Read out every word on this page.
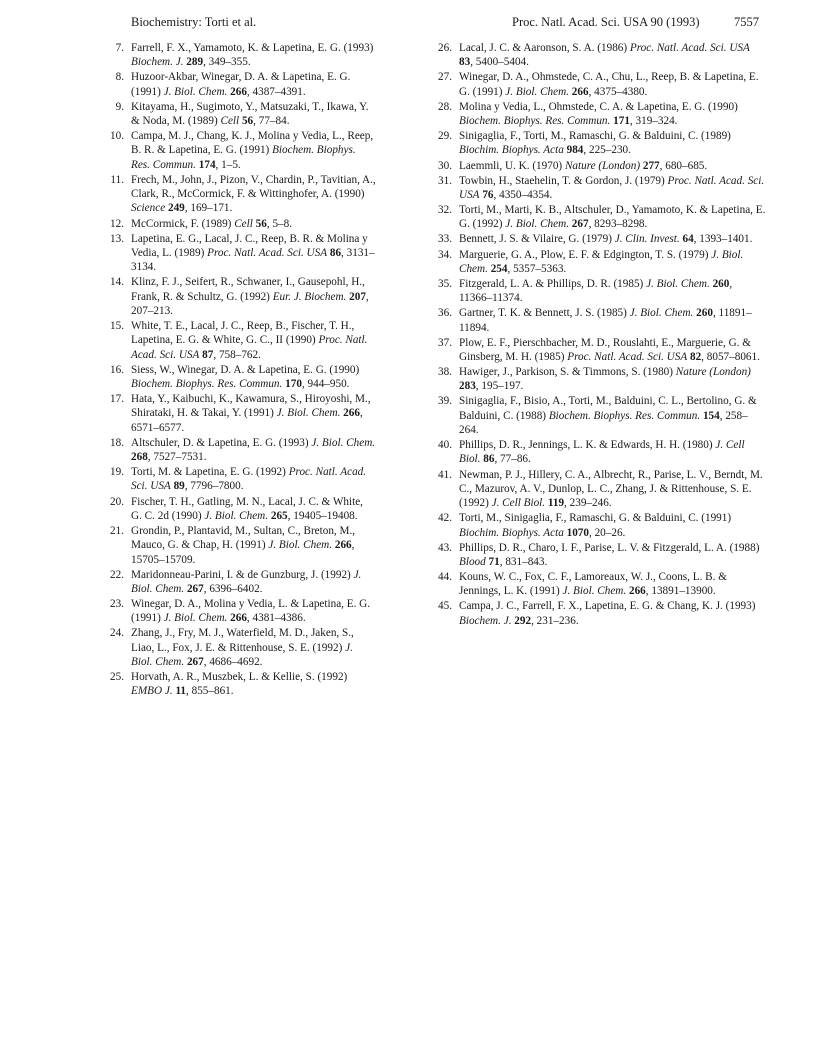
Biochemistry: Torti et al.	Proc. Natl. Acad. Sci. USA 90 (1993)	7557
7. Farrell, F. X., Yamamoto, K. & Lapetina, E. G. (1993) Biochem. J. 289, 349–355.
8. Huzoor-Akbar, Winegar, D. A. & Lapetina, E. G. (1991) J. Biol. Chem. 266, 4387–4391.
9. Kitayama, H., Sugimoto, Y., Matsuzaki, T., Ikawa, Y. & Noda, M. (1989) Cell 56, 77–84.
10. Campa, M. J., Chang, K. J., Molina y Vedia, L., Reep, B. R. & Lapetina, E. G. (1991) Biochem. Biophys. Res. Commun. 174, 1–5.
11. Frech, M., John, J., Pizon, V., Chardin, P., Tavitian, A., Clark, R., McCormick, F. & Wittinghofer, A. (1990) Science 249, 169–171.
12. McCormick, F. (1989) Cell 56, 5–8.
13. Lapetina, E. G., Lacal, J. C., Reep, B. R. & Molina y Vedia, L. (1989) Proc. Natl. Acad. Sci. USA 86, 3131–3134.
14. Klinz, F. J., Seifert, R., Schwaner, I., Gausepohl, H., Frank, R. & Schultz, G. (1992) Eur. J. Biochem. 207, 207–213.
15. White, T. E., Lacal, J. C., Reep, B., Fischer, T. H., Lapetina, E. G. & White, G. C., II (1990) Proc. Natl. Acad. Sci. USA 87, 758–762.
16. Siess, W., Winegar, D. A. & Lapetina, E. G. (1990) Biochem. Biophys. Res. Commun. 170, 944–950.
17. Hata, Y., Kaibuchi, K., Kawamura, S., Hiroyoshi, M., Shirataki, H. & Takai, Y. (1991) J. Biol. Chem. 266, 6571–6577.
18. Altschuler, D. & Lapetina, E. G. (1993) J. Biol. Chem. 268, 7527–7531.
19. Torti, M. & Lapetina, E. G. (1992) Proc. Natl. Acad. Sci. USA 89, 7796–7800.
20. Fischer, T. H., Gatling, M. N., Lacal, J. C. & White, G. C. 2d (1990) J. Biol. Chem. 265, 19405–19408.
21. Grondin, P., Plantavid, M., Sultan, C., Breton, M., Mauco, G. & Chap, H. (1991) J. Biol. Chem. 266, 15705–15709.
22. Maridonneau-Parini, I. & de Gunzburg, J. (1992) J. Biol. Chem. 267, 6396–6402.
23. Winegar, D. A., Molina y Vedia, L. & Lapetina, E. G. (1991) J. Biol. Chem. 266, 4381–4386.
24. Zhang, J., Fry, M. J., Waterfield, M. D., Jaken, S., Liao, L., Fox, J. E. & Rittenhouse, S. E. (1992) J. Biol. Chem. 267, 4686–4692.
25. Horvath, A. R., Muszbek, L. & Kellie, S. (1992) EMBO J. 11, 855–861.
26. Lacal, J. C. & Aaronson, S. A. (1986) Proc. Natl. Acad. Sci. USA 83, 5400–5404.
27. Winegar, D. A., Ohmstede, C. A., Chu, L., Reep, B. & Lapetina, E. G. (1991) J. Biol. Chem. 266, 4375–4380.
28. Molina y Vedia, L., Ohmstede, C. A. & Lapetina, E. G. (1990) Biochem. Biophys. Res. Commun. 171, 319–324.
29. Sinigaglia, F., Torti, M., Ramaschi, G. & Balduini, C. (1989) Biochim. Biophys. Acta 984, 225–230.
30. Laemmli, U. K. (1970) Nature (London) 277, 680–685.
31. Towbin, H., Staehelin, T. & Gordon, J. (1979) Proc. Natl. Acad. Sci. USA 76, 4350–4354.
32. Torti, M., Marti, K. B., Altschuler, D., Yamamoto, K. & Lapetina, E. G. (1992) J. Biol. Chem. 267, 8293–8298.
33. Bennett, J. S. & Vilaire, G. (1979) J. Clin. Invest. 64, 1393–1401.
34. Marguerie, G. A., Plow, E. F. & Edgington, T. S. (1979) J. Biol. Chem. 254, 5357–5363.
35. Fitzgerald, L. A. & Phillips, D. R. (1985) J. Biol. Chem. 260, 11366–11374.
36. Gartner, T. K. & Bennett, J. S. (1985) J. Biol. Chem. 260, 11891–11894.
37. Plow, E. F., Pierschbacher, M. D., Rouslahti, E., Marguerie, G. & Ginsberg, M. H. (1985) Proc. Natl. Acad. Sci. USA 82, 8057–8061.
38. Hawiger, J., Parkison, S. & Timmons, S. (1980) Nature (London) 283, 195–197.
39. Sinigaglia, F., Bisio, A., Torti, M., Balduini, C. L., Bertolino, G. & Balduini, C. (1988) Biochem. Biophys. Res. Commun. 154, 258–264.
40. Phillips, D. R., Jennings, L. K. & Edwards, H. H. (1980) J. Cell Biol. 86, 77–86.
41. Newman, P. J., Hillery, C. A., Albrecht, R., Parise, L. V., Berndt, M. C., Mazurov, A. V., Dunlop, L. C., Zhang, J. & Rittenhouse, S. E. (1992) J. Cell Biol. 119, 239–246.
42. Torti, M., Sinigaglia, F., Ramaschi, G. & Balduini, C. (1991) Biochim. Biophys. Acta 1070, 20–26.
43. Phillips, D. R., Charo, I. F., Parise, L. V. & Fitzgerald, L. A. (1988) Blood 71, 831–843.
44. Kouns, W. C., Fox, C. F., Lamoreaux, W. J., Coons, L. B. & Jennings, L. K. (1991) J. Biol. Chem. 266, 13891–13900.
45. Campa, J. C., Farrell, F. X., Lapetina, E. G. & Chang, K. J. (1993) Biochem. J. 292, 231–236.
